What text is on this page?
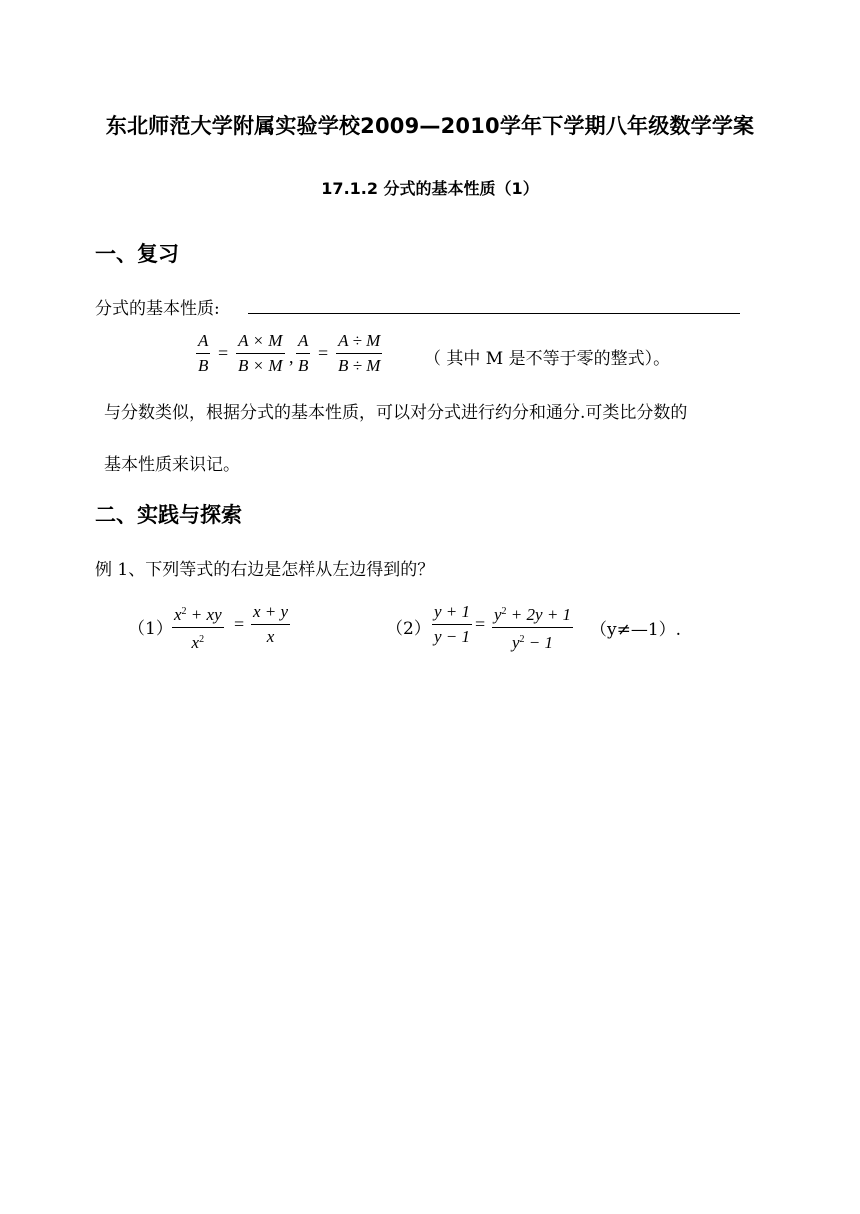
东北师范大学附属实验学校2009—2010学年下学期八年级数学学案
17.1.2 分式的基本性质（1）
一、复习
分式的基本性质:
$\frac{A}{B} = \frac{A \times M}{B \times M}$ , $\frac{A}{B} = \frac{A \div M}{B \div M}$ （ 其中 M 是不等于零的整式）。
与分数类似，根据分式的基本性质，可以对分式进行约分和通分.可类比分数的
基本性质来识记。
二、实践与探索
例 1、下列等式的右边是怎样从左边得到的？
$(1) \frac{x^2 + xy}{x^2} = \frac{x + y}{x}$	$(2) \frac{y + 1}{y - 1} = \frac{y^2 + 2y + 1}{y^2 - 1}$ （y≠—1）.
